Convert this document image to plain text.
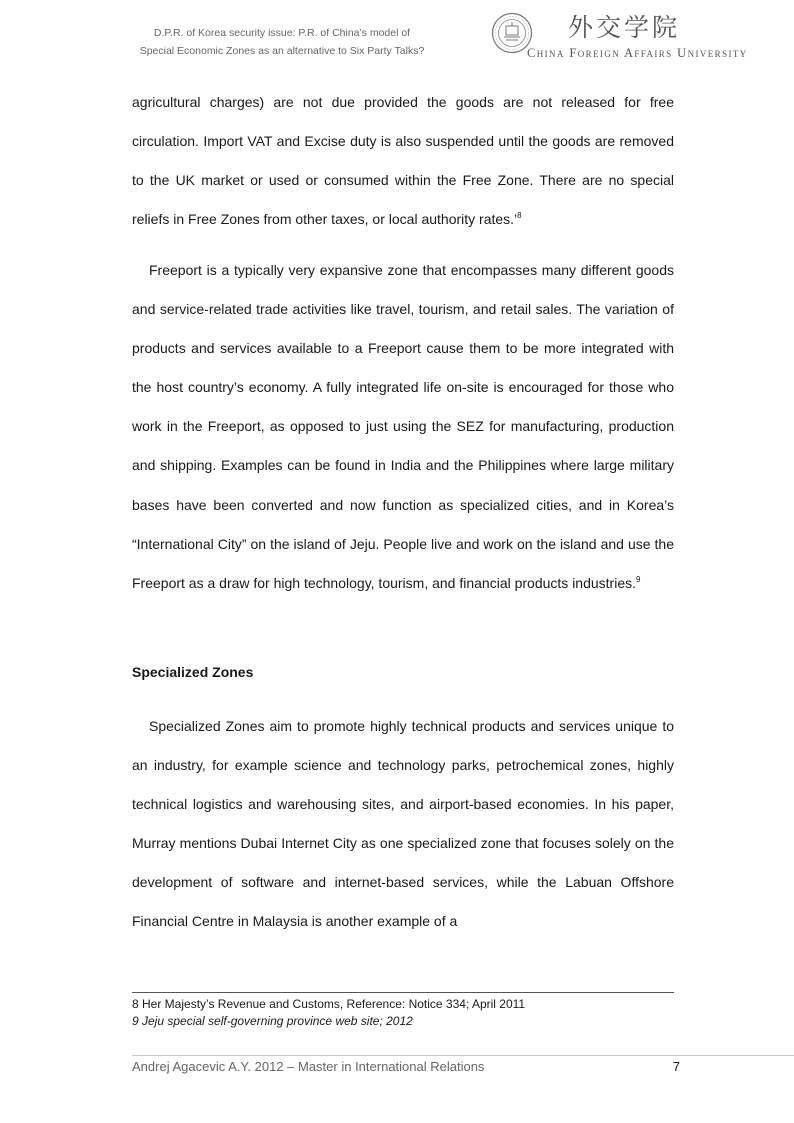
D.P.R. of Korea security issue: P.R. of China’s model of
Special Economic Zones as an alternative to Six Party Talks?
外交学院
China Foreign Affairs University

agricultural charges) are not due provided the goods are not released for free circulation. Import VAT and Excise duty is also suspended until the goods are removed to the UK market or used or consumed within the Free Zone. There are no special reliefs in Free Zones from other taxes, or local authority rates.’$^8$

Freeport is a typically very expansive zone that encompasses many different goods and service-related trade activities like travel, tourism, and retail sales. The variation of products and services available to a Freeport cause them to be more integrated with the host country’s economy. A fully integrated life on-site is encouraged for those who work in the Freeport, as opposed to just using the SEZ for manufacturing, production and shipping. Examples can be found in India and the Philippines where large military bases have been converted and now function as specialized cities, and in Korea’s “International City” on the island of Jeju. People live and work on the island and use the Freeport as a draw for high technology, tourism, and financial products industries.$^9$

Specialized Zones

Specialized Zones aim to promote highly technical products and services unique to an industry, for example science and technology parks, petrochemical zones, highly technical logistics and warehousing sites, and airport-based economies. In his paper, Murray mentions Dubai Internet City as one specialized zone that focuses solely on the development of software and internet-based services, while the Labuan Offshore Financial Centre in Malaysia is another example of a

8 Her Majesty’s Revenue and Customs, Reference: Notice 334; April 2011
9 Jeju special self-governing province web site; 2012
Andrej Agacevic A.Y. 2012 – Master in International Relations	7
